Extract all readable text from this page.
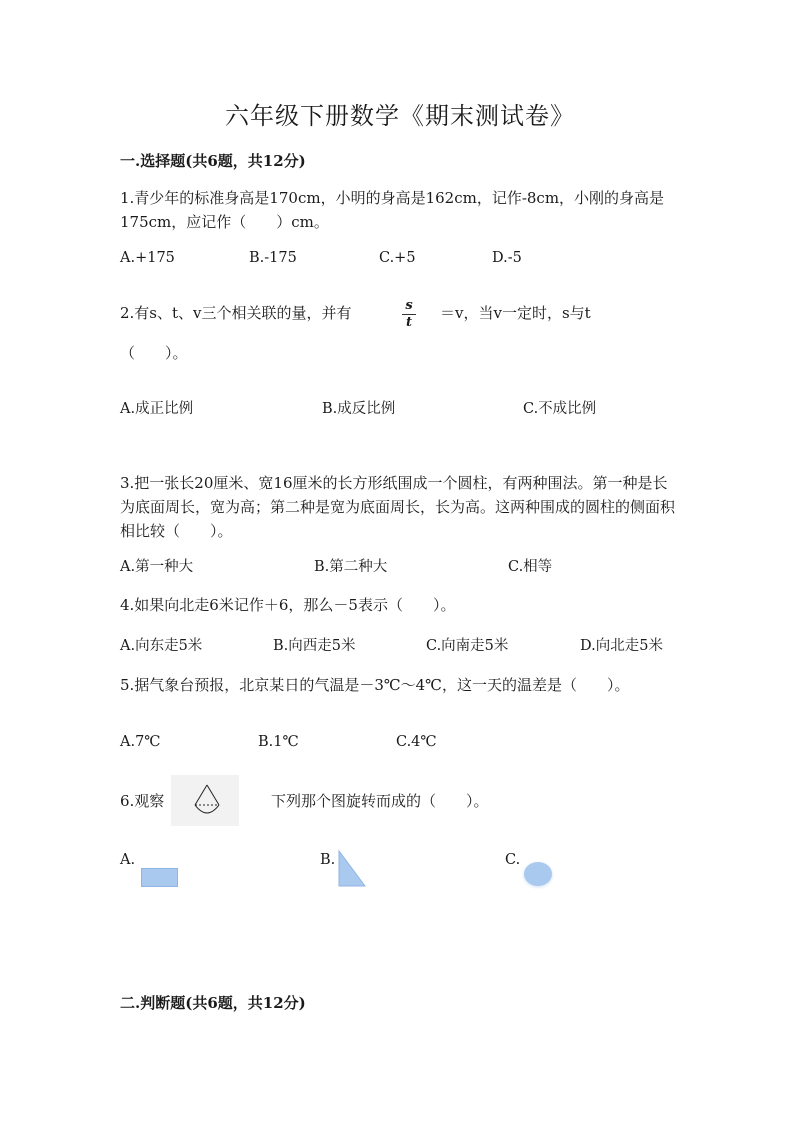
六年级下册数学《期末测试卷》
一.选择题(共6题，共12分)
1.青少年的标准身高是170cm，小明的身高是162cm，记作-8cm，小刚的身高是175cm，应记作（　　）cm。
A.+175	B.-175	C.+5	D.-5
2.有s、t、v三个相关联的量，并有	s
t
＝v，当v一定时，s与t
（　　）。
A.成正比例	B.成反比例	C.不成比例
3.把一张长20厘米、宽16厘米的长方形纸围成一个圆柱，有两种围法。第一种是长为底面周长，宽为高；第二种是宽为底面周长，长为高。这两种围成的圆柱的侧面积相比较（　　）。
A.第一种大	B.第二种大	C.相等
4.如果向北走6米记作＋6，那么－5表示（　　）。
A.向东走5米	B.向西走5米	C.向南走5米	D.向北走5米
5.据气象台预报，北京某日的气温是－3℃～4℃，这一天的温差是（　　）。
A.7℃	B.1℃	C.4℃
6.观察	下列那个图旋转而成的（　　）。
A.	B.	C.
二.判断题(共6题，共12分)
